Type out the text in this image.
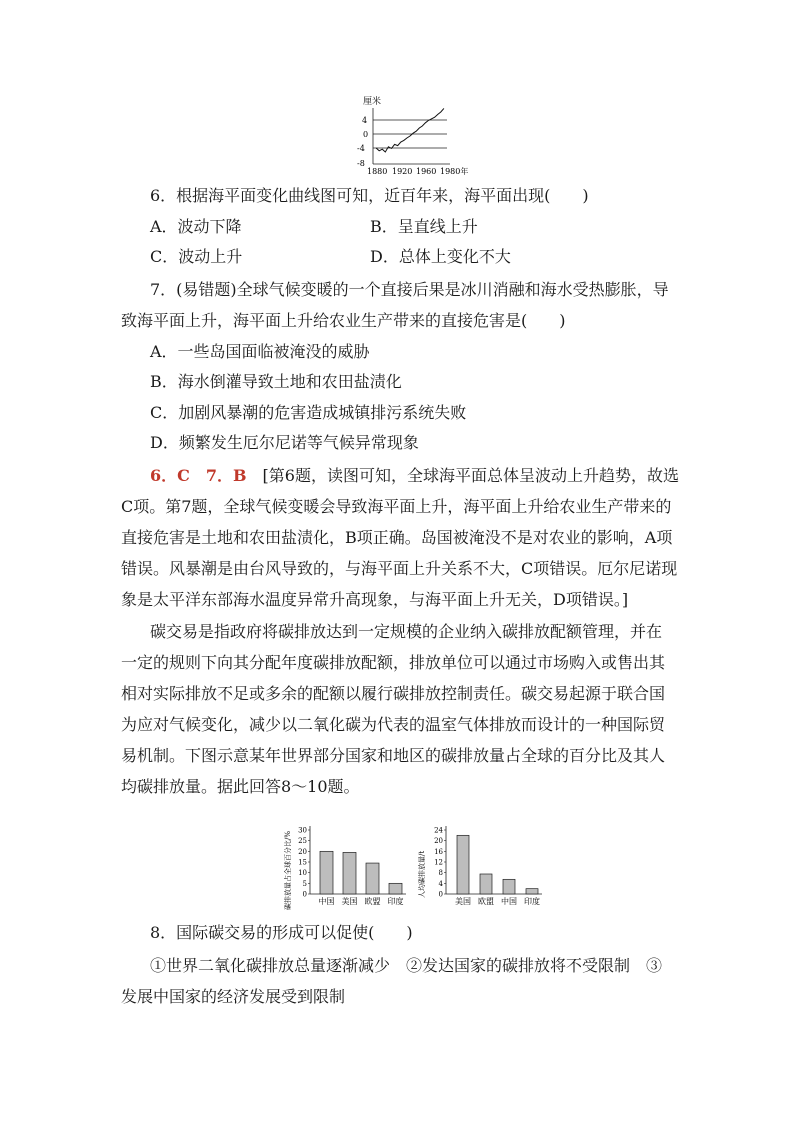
厘米
4
0
-4
-8
1880 1920 1960 1980年
6．根据海平面变化曲线图可知，近百年来，海平面出现(　　)
A．波动下降	B．呈直线上升
C．波动上升	D．总体上变化不大
7．(易错题)全球气候变暖的一个直接后果是冰川消融和海水受热膨胀，导
致海平面上升，海平面上升给农业生产带来的直接危害是(　　)
A．一些岛国面临被淹没的威胁
B．海水倒灌导致土地和农田盐渍化
C．加剧风暴潮的危害造成城镇排污系统失败
D．频繁发生厄尔尼诺等气候异常现象
6．C　7．B　 [第6题，读图可知，全球海平面总体呈波动上升趋势，故选
C项。第7题，全球气候变暖会导致海平面上升，海平面上升给农业生产带来的
直接危害是土地和农田盐渍化，B项正确。岛国被淹没不是对农业的影响，A项
错误。风暴潮是由台风导致的，与海平面上升关系不大，C项错误。厄尔尼诺现
象是太平洋东部海水温度异常升高现象，与海平面上升无关，D项错误。]
碳交易是指政府将碳排放达到一定规模的企业纳入碳排放配额管理，并在
一定的规则下向其分配年度碳排放配额，排放单位可以通过市场购入或售出其
相对实际排放不足或多余的配额以履行碳排放控制责任。碳交易起源于联合国
为应对气候变化，减少以二氧化碳为代表的温室气体排放而设计的一种国际贸
易机制。下图示意某年世界部分国家和地区的碳排放量占全球的百分比及其人
均碳排放量。据此回答8～10题。
碳排放量占全球百分比/%
30
25
20
15
10
5
0
中国 美国 欧盟 印度
人均碳排放量/t
24
20
16
12
8
4
0
美国 欧盟 中国 印度
8．国际碳交易的形成可以促使(　　)
①世界二氧化碳排放总量逐渐减少　②发达国家的碳排放将不受限制　③
发展中国家的经济发展受到限制
